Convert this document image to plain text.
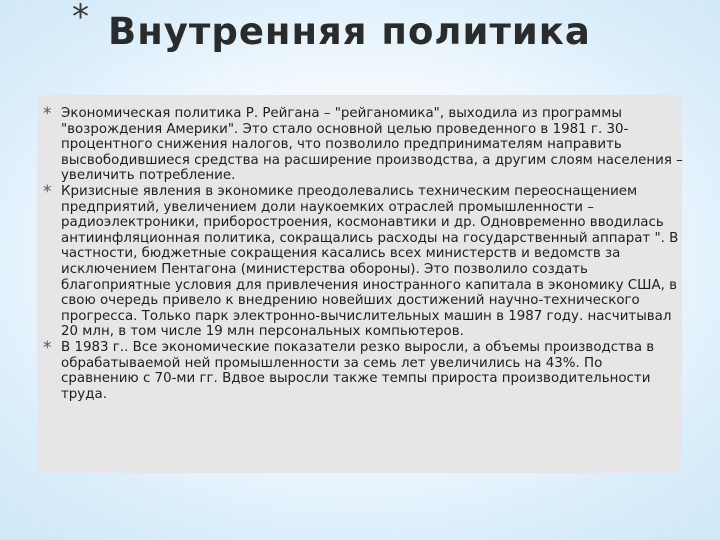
* Внутренняя политика
* Экономическая политика Р. Рейгана – "рейганомика", выходила из программы "возрождения Америки". Это стало основной целью проведенного в 1981 г. 30-процентного снижения налогов, что позволило предпринимателям направить высвободившиеся средства на расширение производства, а другим слоям населения – увеличить потребление.
* Кризисные явления в экономике преодолевались техническим переоснащением предприятий, увеличением доли наукоемких отраслей промышленности – радиоэлектроники, приборостроения, космонавтики и др. Одновременно вводилась антиинфляционная политика, сокращались расходы на государственный аппарат ". В частности, бюджетные сокращения касались всех министерств и ведомств за исключением Пентагона (министерства обороны). Это позволило создать благоприятные условия для привлечения иностранного капитала в экономику США, в свою очередь привело к внедрению новейших достижений научно-технического прогресса. Только парк электронно-вычислительных машин в 1987 году. насчитывал 20 млн, в том числе 19 млн персональных компьютеров.
* В 1983 г.. Все экономические показатели резко выросли, а объемы производства в обрабатываемой ней промышленности за семь лет увеличились на 43%. По сравнению с 70-ми гг. Вдвое выросли также темпы прироста производительности труда.
